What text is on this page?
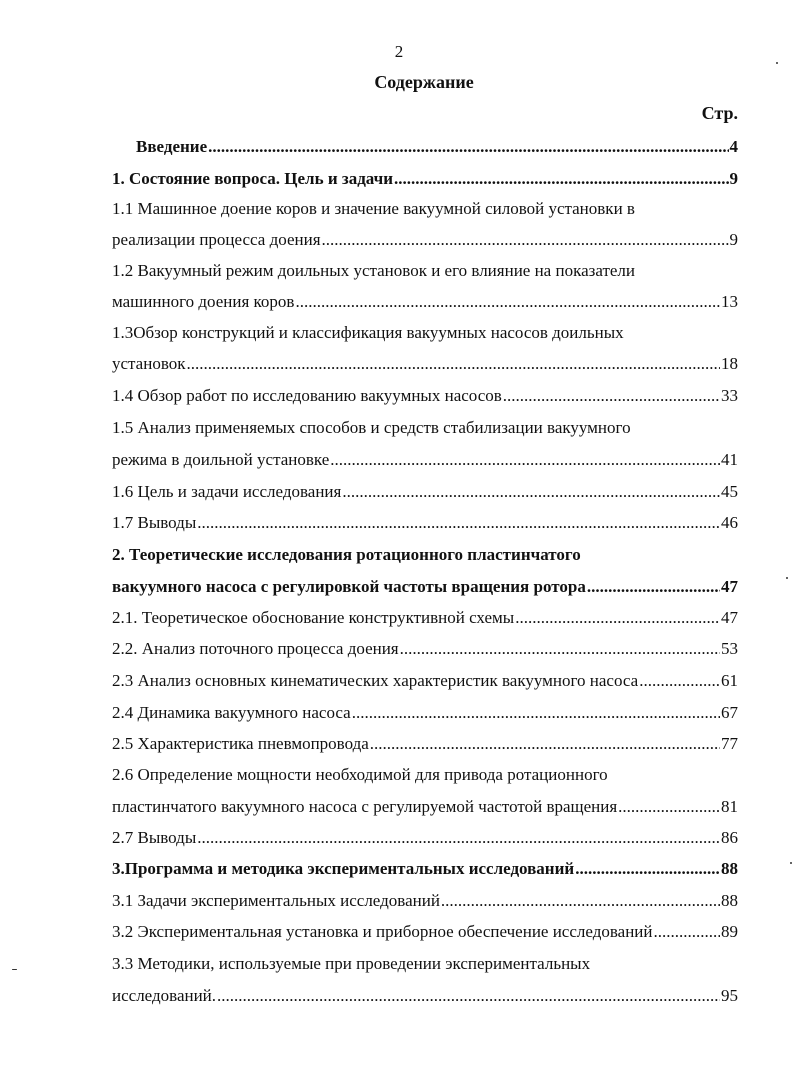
2
Содержание
Стр.
Введение .....	4
1. Состояние вопроса. Цель и задачи .....	9
1.1 Машинное доение коров и значение вакуумной силовой установки в
реализации процесса доения .....	9
1.2 Вакуумный режим доильных установок и его влияние на показатели
машинного доения коров .....	13
1.3Обзор конструкций и классификация вакуумных насосов доильных
установок .....	18
1.4 Обзор работ по исследованию вакуумных насосов .....	33
1.5 Анализ применяемых способов и средств стабилизации вакуумного
режима в доильной установке .....	41
1.6 Цель и задачи исследования .....	45
1.7 Выводы .....	46
2. Теоретические исследования ротационного пластинчатого
вакуумного насоса с регулировкой частоты вращения ротора .....	47
2.1. Теоретическое обоснование конструктивной схемы .....	47
2.2. Анализ поточного процесса доения .....	53
2.3 Анализ основных кинематических характеристик вакуумного насоса .....	61
2.4 Динамика вакуумного насоса .....	67
2.5 Характеристика пневмопровода .....	77
2.6 Определение мощности необходимой для привода ротационного
пластинчатого вакуумного насоса с регулируемой частотой вращения .....	81
2.7 Выводы .....	86
3.Программа и методика экспериментальных исследований .....	88
3.1 Задачи экспериментальных исследований .....	88
3.2 Экспериментальная установка и приборное обеспечение исследований .....	89
3.3 Методики, используемые при проведении экспериментальных
исследований. .....	95
